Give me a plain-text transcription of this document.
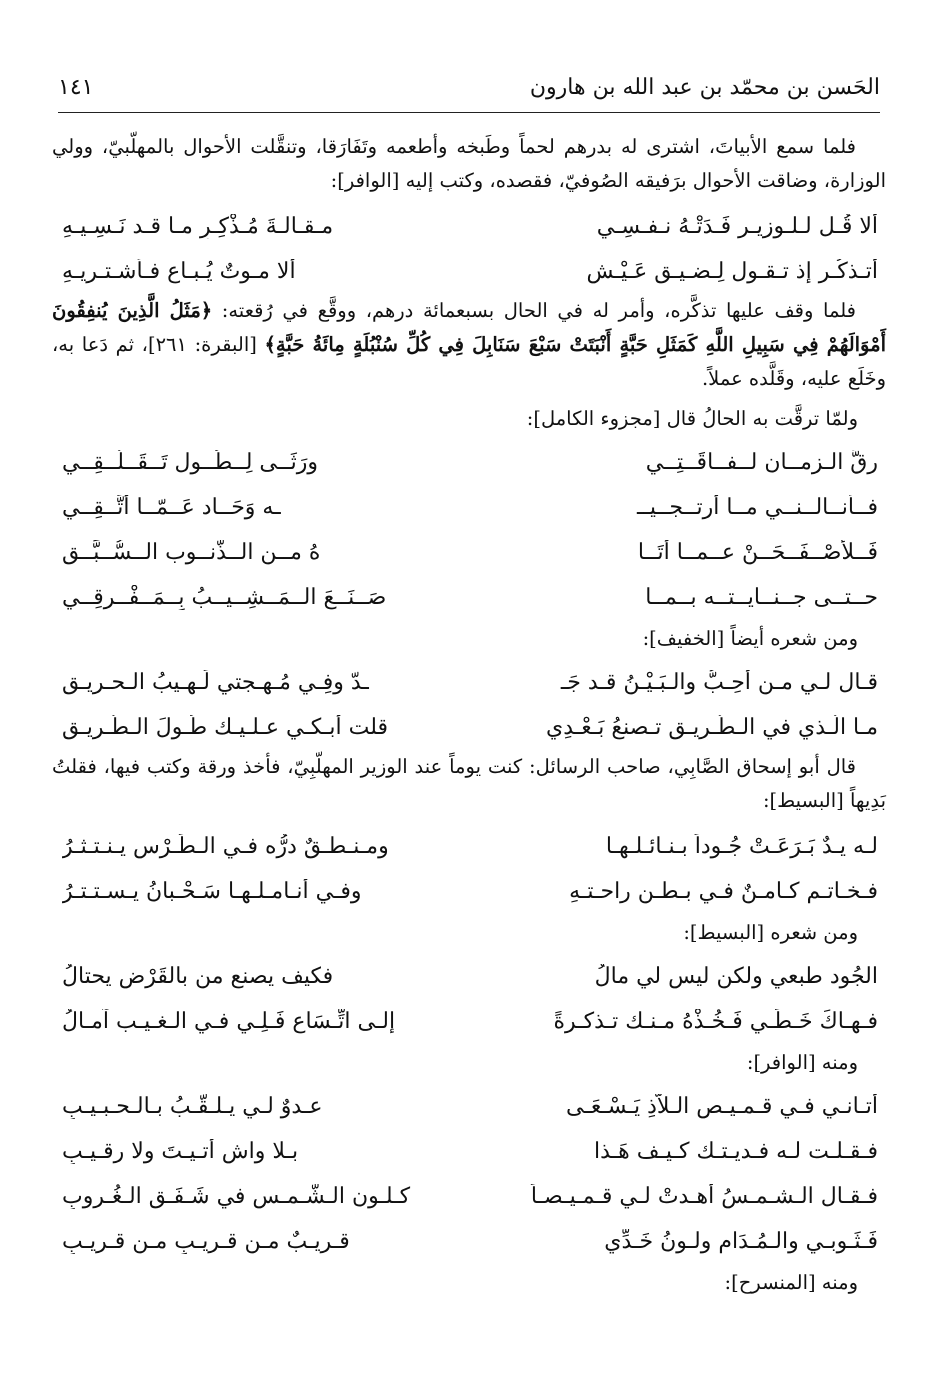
الحَسن بن محمّد بن عبد الله بن هارون
١٤١

فلما سمع الأبياتَ، اشترى له بدرهم لحماً وطَبخه وأطعمه وتَفَارَقا، وتنقَّلت الأحوال بالمهلّبيّ، وولي الوزارة، وضاقت الأحوال برَفيقه الصُوفيّ، فقصده، وكتب إليه [الوافر]:

ألا قُـل لـلـوزيـر فَـدَتْـهُ نـفـسِـي
مـقـالـةَ مُـذْكِـرٍ مـا قـد نَـسِـيـهِ
أتـذكُـر إذ تـقـول لِـضـيـقِ عَـيْـشٍ
ألا مـوتٌ يُـبـاع فـأشـتـريـهِ

فلما وقف عليها تذكَّره، وأمر له في الحال بسبعمائة درهم، ووقَّع في رُقعته: ﴿مَثَلُ الَّذِينَ يُنفِقُونَ أَمْوَالَهُمْ فِي سَبِيلِ اللَّهِ كَمَثَلِ حَبَّةٍ أَنْبَتَتْ سَبْعَ سَنَابِلَ فِي كُلِّ سُنْبُلَةٍ مِائَةُ حَبَّةٍ﴾ [البقرة: ٢٦١]، ثم دَعا به، وخَلَع عليه، وقَلَّده عملاً.

ولمّا ترقَّت به الحالُ قال [مجزوء الكامل]:
رقَّ الـزمــان لــفــاقَــتِــي
ورَثَــى لِــطُــول تَــقَــلُّــقِــي
فــأنــالــنــي مــا أرتــجــيــ
ـه وَحَــاد عَــمّــا أَتَّــقِــي
فَــلأَصْــفَــحَــنْ عــمــا أَتَــا
هُ مــن الــذُّنــوب الــسُّــبَّــقِ
حــتــى جــنــايــتــه بــمــا
صَــنَــعَ الــمَــشِــيــبُ بِــمَــفْــرِقِــي
ومن شعره أيضاً [الخفيف]:
قـال لـي مـن أُحِـبُّ والـبَـيْـنُ قـد جَـ
ـدّ وفِـي مُـهـجتي لَـهِـيبُ الـحـريـقِ
مـا الّـذي في الـطَّـرِيـق تـصنعُ بَـعْـدِي
قلت أبـكـي عـلـيـك طُـولَ الـطَّـريـقِ

قال أبو إسحاق الصَّابِي، صاحب الرسائل: كنت يوماً عند الوزير المهلّبِيّ، فأخذ ورقة وكتب فيها، فقلتُ بَدِيهاً [البسيط]:

لـه يـدٌ بَـرَعَـتْ جُـوداً بـنـائـلـهـا
ومـنـطـقٌ درُّه فـي الـطِّـرْس يـنـتـثـرُ
فـخـاتـم كـامـنٌ فـي بـطـن راحـتـهِ
وفـي أنـامـلـهـا سَـحْـبانُ يـسـتـتـرُ
ومن شعره [البسيط]:
الجُود طبعي ولكن ليس لي مالُ
فكيف يصنع من بالقَرْض يحتالُ
فـهـاكَ خَـطِّـي فَـخُـذْهُ مـنـك تـذكـرةً
إلـى اتِّـسَاع فَـلِـي فـي الـغـيـب آمـالُ
ومنه [الوافر]:
أتـانـي فـي قـمـيـص الـلاّذِ يَـسْـعَـى
عـدوٌ لـي يـلـقّـبُ بـالـحـبـيـبِ
فـقـلـت لـه فـديـتـك كـيـف هَـذا
بـلا واشٍ أتـيـتَ ولا رقـيـبِ
فـقـال الـشـمـسُ أهـدتْ لـي قـمـيـصـاً
كـلـون الـشّـمـس في شَـفَـق الـغُـروبِ
فَـثَـوبـي والـمُـدَام ولـونُ خَـدِّي
قـريـبٌ مـن قـريـبٍ مـن قـريـبِ
ومنه [المنسرح]:
